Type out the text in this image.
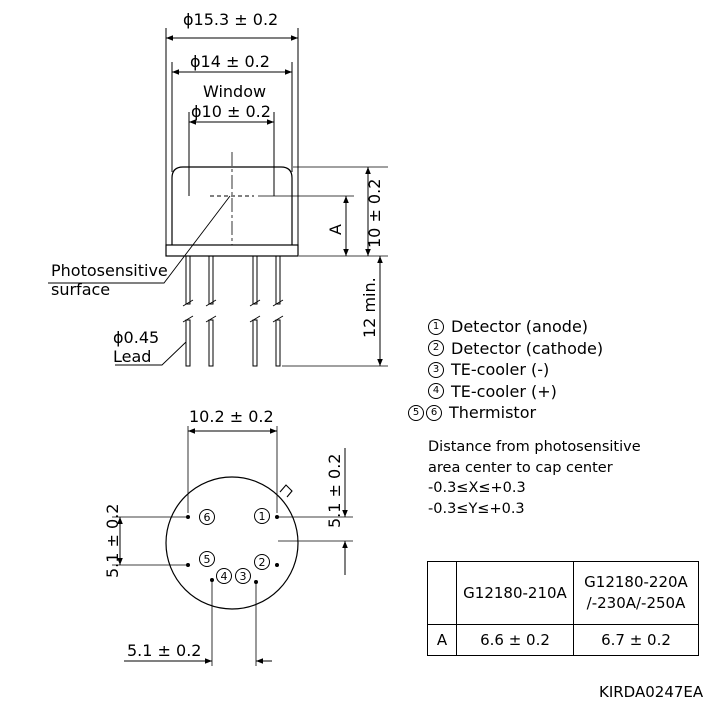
ϕ15.3 ± 0.2
ϕ14 ± 0.2
Window
ϕ10 ± 0.2
10 ± 0.2
A
12 min.
Photosensitive
surface
ϕ0.45
Lead
6	1
5	2
4 3
10.2 ± 0.2
5.1 ± 0.2
5.1 ± 0.2
5.1 ± 0.2
1 Detector (anode)
2 Detector (cathode)
3 TE-cooler (-)
4 TE-cooler (+)
5	6 Thermistor
Distance from photosensitive
area center to cap center
-0.3≤X≤+0.3
-0.3≤Y≤+0.3
	G12180-210A	G12180-220A
/-230A/-250A

A	6.6 ± 0.2	6.7 ± 0.2
KIRDA0247EA
